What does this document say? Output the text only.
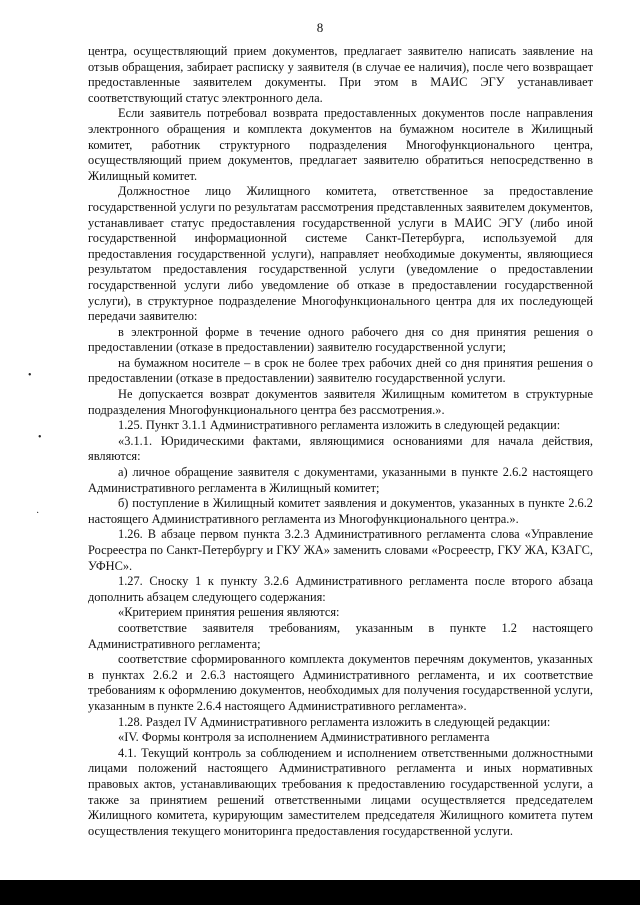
8

центра, осуществляющий прием документов, предлагает заявителю написать заявление на отзыв обращения, забирает расписку у заявителя (в случае ее наличия), после чего возвращает предоставленные заявителем документы. При этом в МАИС ЭГУ устанавливает соответствующий статус электронного дела.

Если заявитель потребовал возврата предоставленных документов после направления электронного обращения и комплекта документов на бумажном носителе в Жилищный комитет, работник структурного подразделения Многофункционального центра, осуществляющий прием документов, предлагает заявителю обратиться непосредственно в Жилищный комитет.

Должностное лицо Жилищного комитета, ответственное за предоставление государственной услуги по результатам рассмотрения представленных заявителем документов, устанавливает статус предоставления государственной услуги в МАИС ЭГУ (либо иной государственной информационной системе Санкт-Петербурга, используемой для предоставления государственной услуги), направляет необходимые документы, являющиеся результатом предоставления государственной услуги (уведомление о предоставлении государственной услуги либо уведомление об отказе в предоставлении государственной услуги), в структурное подразделение Многофункционального центра для их последующей передачи заявителю:

в электронной форме в течение одного рабочего дня со дня принятия решения о предоставлении (отказе в предоставлении) заявителю государственной услуги;

на бумажном носителе – в срок не более трех рабочих дней со дня принятия решения о предоставлении (отказе в предоставлении) заявителю государственной услуги.

Не допускается возврат документов заявителя Жилищным комитетом в структурные подразделения Многофункционального центра без рассмотрения.».

1.25. Пункт 3.1.1 Административного регламента изложить в следующей редакции:

«3.1.1. Юридическими фактами, являющимися основаниями для начала действия, являются:

а) личное обращение заявителя с документами, указанными в пункте 2.6.2 настоящего Административного регламента в Жилищный комитет;

б) поступление в Жилищный комитет заявления и документов, указанных в пункте 2.6.2 настоящего Административного регламента из Многофункционального центра.».

1.26. В абзаце первом пункта 3.2.3 Административного регламента слова «Управление Росреестра по Санкт-Петербургу и ГКУ ЖА» заменить словами «Росреестр, ГКУ ЖА, КЗАГС, УФНС».

1.27. Сноску 1 к пункту 3.2.6 Административного регламента после второго абзаца дополнить абзацем следующего содержания:

«Критерием принятия решения являются:

соответствие заявителя требованиям, указанным в пункте 1.2 настоящего Административного регламента;

соответствие сформированного комплекта документов перечням документов, указанных в пунктах 2.6.2 и 2.6.3 настоящего Административного регламента, и их соответствие требованиям к оформлению документов, необходимых для получения государственной услуги, указанным в пункте 2.6.4 настоящего Административного регламента».

1.28. Раздел IV Административного регламента изложить в следующей редакции:

«IV. Формы контроля за исполнением Административного регламента

4.1. Текущий контроль за соблюдением и исполнением ответственными должностными лицами положений настоящего Административного регламента и иных нормативных правовых актов, устанавливающих требования к предоставлению государственной услуги, а также за принятием решений ответственными лицами осуществляется председателем Жилищного комитета, курирующим заместителем председателя Жилищного комитета путем осуществления текущего мониторинга предоставления государственной услуги.

•
•
·
